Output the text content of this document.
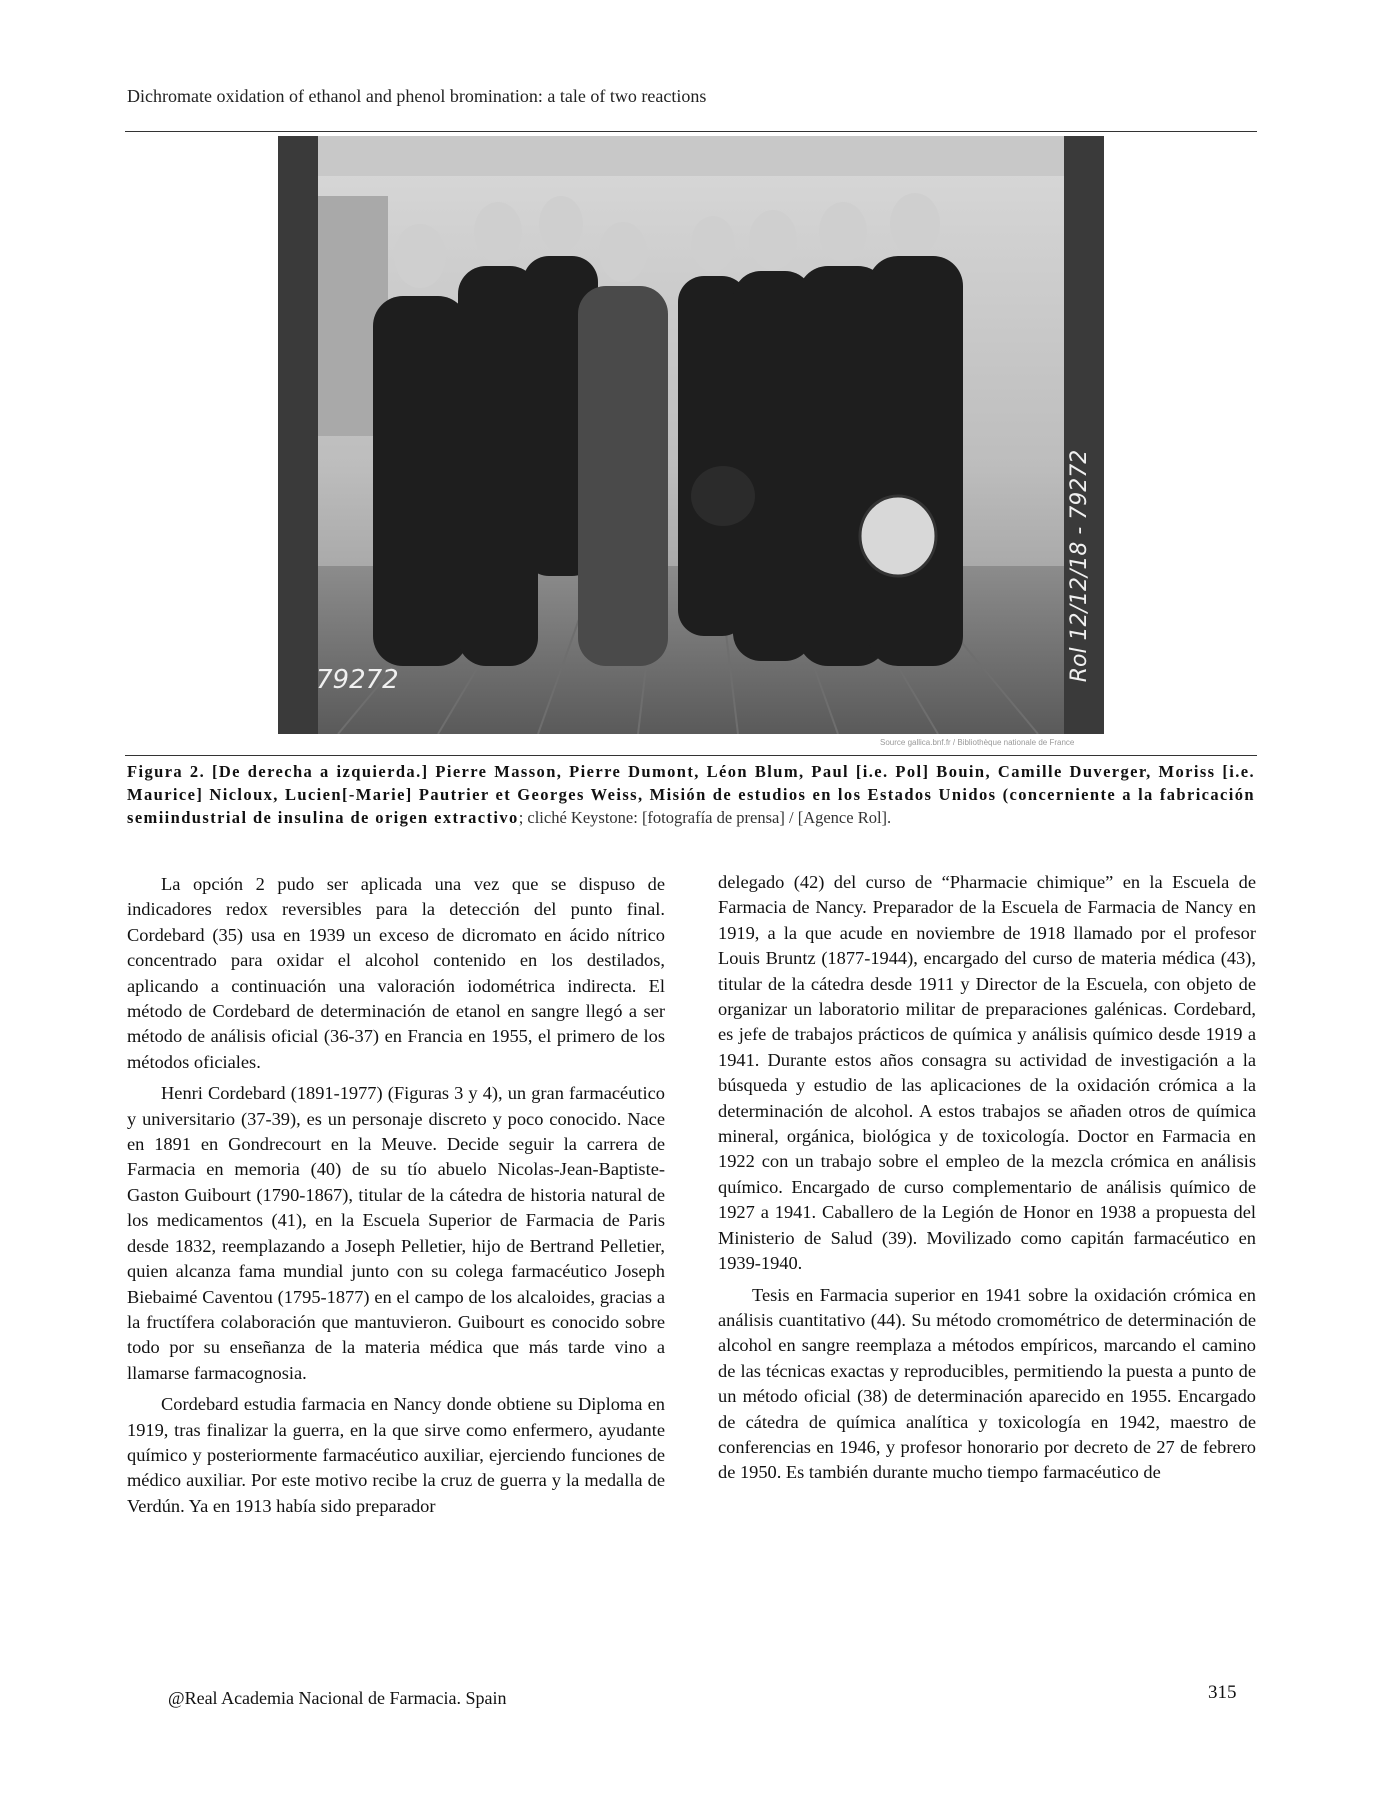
Dichromate oxidation of ethanol and phenol bromination: a tale of two reactions
79272	Rol 12/12/18 - 79272
Source gallica.bnf.fr / Bibliothèque nationale de France
Figura 2. [De derecha a izquierda.] Pierre Masson, Pierre Dumont, Léon Blum, Paul [i.e. Pol] Bouin, Camille Duverger, Moriss [i.e. Maurice] Nicloux, Lucien[-Marie] Pautrier et Georges Weiss, Misión de estudios en los Estados Unidos (concerniente a la fabricación semiindustrial de insulina de origen extractivo; cliché Keystone: [fotografía de prensa] / [Agence Rol].

La opción 2 pudo ser aplicada una vez que se dispuso de indicadores redox reversibles para la detección del punto final. Cordebard (35) usa en 1939 un exceso de dicromato en ácido nítrico concentrado para oxidar el alcohol contenido en los destilados, aplicando a continuación una valoración iodométrica indirecta. El método de Cordebard de determinación de etanol en sangre llegó a ser método de análisis oficial (36-37) en Francia en 1955, el primero de los métodos oficiales.

Henri Cordebard (1891-1977) (Figuras 3 y 4), un gran farmacéutico y universitario (37-39), es un personaje discreto y poco conocido. Nace en 1891 en Gondrecourt en la Meuve. Decide seguir la carrera de Farmacia en memoria (40) de su tío abuelo Nicolas-Jean-Baptiste-Gaston Guibourt (1790-1867), titular de la cátedra de historia natural de los medicamentos (41), en la Escuela Superior de Farmacia de Paris desde 1832, reemplazando a Joseph Pelletier, hijo de Bertrand Pelletier, quien alcanza fama mundial junto con su colega farmacéutico Joseph Biebaimé Caventou (1795-1877) en el campo de los alcaloides, gracias a la fructífera colaboración que mantuvieron. Guibourt es conocido sobre todo por su enseñanza de la materia médica que más tarde vino a llamarse farmacognosia.

Cordebard estudia farmacia en Nancy donde obtiene su Diploma en 1919, tras finalizar la guerra, en la que sirve como enfermero, ayudante químico y posteriormente farmacéutico auxiliar, ejerciendo funciones de médico auxiliar. Por este motivo recibe la cruz de guerra y la medalla de Verdún. Ya en 1913 había sido preparador

delegado (42) del curso de “Pharmacie chimique” en la Escuela de Farmacia de Nancy. Preparador de la Escuela de Farmacia de Nancy en 1919, a la que acude en noviembre de 1918 llamado por el profesor Louis Bruntz (1877-1944), encargado del curso de materia médica (43), titular de la cátedra desde 1911 y Director de la Escuela, con objeto de organizar un laboratorio militar de preparaciones galénicas. Cordebard, es jefe de trabajos prácticos de química y análisis químico desde 1919 a 1941. Durante estos años consagra su actividad de investigación a la búsqueda y estudio de las aplicaciones de la oxidación crómica a la determinación de alcohol. A estos trabajos se añaden otros de química mineral, orgánica, biológica y de toxicología. Doctor en Farmacia en 1922 con un trabajo sobre el empleo de la mezcla crómica en análisis químico. Encargado de curso complementario de análisis químico de 1927 a 1941. Caballero de la Legión de Honor en 1938 a propuesta del Ministerio de Salud (39). Movilizado como capitán farmacéutico en 1939-1940.

Tesis en Farmacia superior en 1941 sobre la oxidación crómica en análisis cuantitativo (44). Su método cromométrico de determinación de alcohol en sangre reemplaza a métodos empíricos, marcando el camino de las técnicas exactas y reproducibles, permitiendo la puesta a punto de un método oficial (38) de determinación aparecido en 1955. Encargado de cátedra de química analítica y toxicología en 1942, maestro de conferencias en 1946, y profesor honorario por decreto de 27 de febrero de 1950. Es también durante mucho tiempo farmacéutico de

@Real Academia Nacional de Farmacia. Spain	315
